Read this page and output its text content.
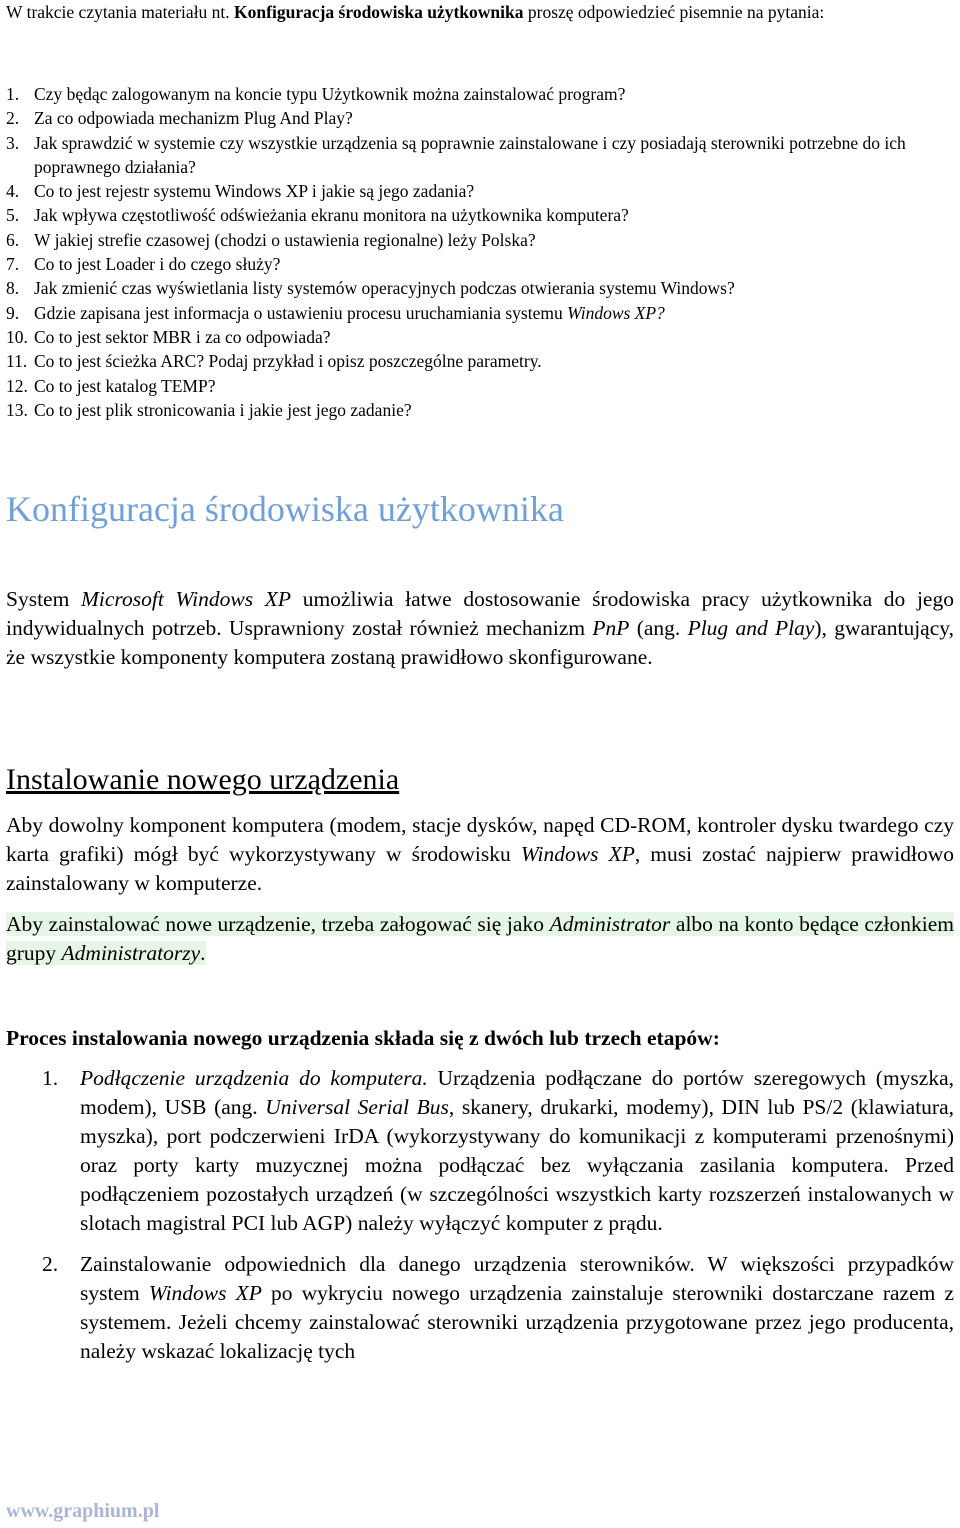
W trakcie czytania materiału nt. Konfiguracja środowiska użytkownika proszę odpowiedzieć pisemnie na pytania:
1. Czy będąc zalogowanym na koncie typu Użytkownik można zainstalować program?
2. Za co odpowiada mechanizm Plug And Play?
3. Jak sprawdzić w systemie czy wszystkie urządzenia są poprawnie zainstalowane i czy posiadają sterowniki potrzebne do ich poprawnego działania?
4. Co to jest rejestr systemu Windows XP i jakie są jego zadania?
5. Jak wpływa częstotliwość odświeżania ekranu monitora na użytkownika komputera?
6. W jakiej strefie czasowej (chodzi o ustawienia regionalne) leży Polska?
7. Co to jest Loader i do czego służy?
8. Jak zmienić czas wyświetlania listy systemów operacyjnych podczas otwierania systemu Windows?
9. Gdzie zapisana jest informacja o ustawieniu procesu uruchamiania systemu Windows XP?
10. Co to jest sektor MBR i za co odpowiada?
11. Co to jest ścieżka ARC? Podaj przykład i opisz poszczególne parametry.
12. Co to jest katalog TEMP?
13. Co to jest plik stronicowania i jakie jest jego zadanie?
Konfiguracja środowiska użytkownika

System Microsoft Windows XP umożliwia łatwe dostosowanie środowiska pracy użytkownika do jego indywidualnych potrzeb. Usprawniony został również mechanizm PnP (ang. Plug and Play), gwarantujący, że wszystkie komponenty komputera zostaną prawidłowo skonfigurowane.

Instalowanie nowego urządzenia

Aby dowolny komponent komputera (modem, stacje dysków, napęd CD-ROM, kontroler dysku twardego czy karta grafiki) mógł być wykorzystywany w środowisku Windows XP, musi zostać najpierw prawidłowo zainstalowany w komputerze.

Aby zainstalować nowe urządzenie, trzeba załogować się jako Administrator albo na konto będące członkiem grupy Administratorzy.

Proces instalowania nowego urządzenia składa się z dwóch lub trzech etapów:
1. Podłączenie urządzenia do komputera. Urządzenia podłączane do portów szeregowych (myszka, modem), USB (ang. Universal Serial Bus, skanery, drukarki, modemy), DIN lub PS/2 (klawiatura, myszka), port podczerwieni IrDA (wykorzystywany do komunikacji z komputerami przenośnymi) oraz porty karty muzycznej można podłączać bez wyłączania zasilania komputera. Przed podłączeniem pozostałych urządzeń (w szczególności wszystkich karty rozszerzeń instalowanych w slotach magistral PCI lub AGP) należy wyłączyć komputer z prądu.
2. Zainstalowanie odpowiednich dla danego urządzenia sterowników. W większości przypadków system Windows XP po wykryciu nowego urządzenia zainstaluje sterowniki dostarczane razem z systemem. Jeżeli chcemy zainstalować sterowniki urządzenia przygotowane przez jego producenta, należy wskazać lokalizację tych
www.graphium.pl
